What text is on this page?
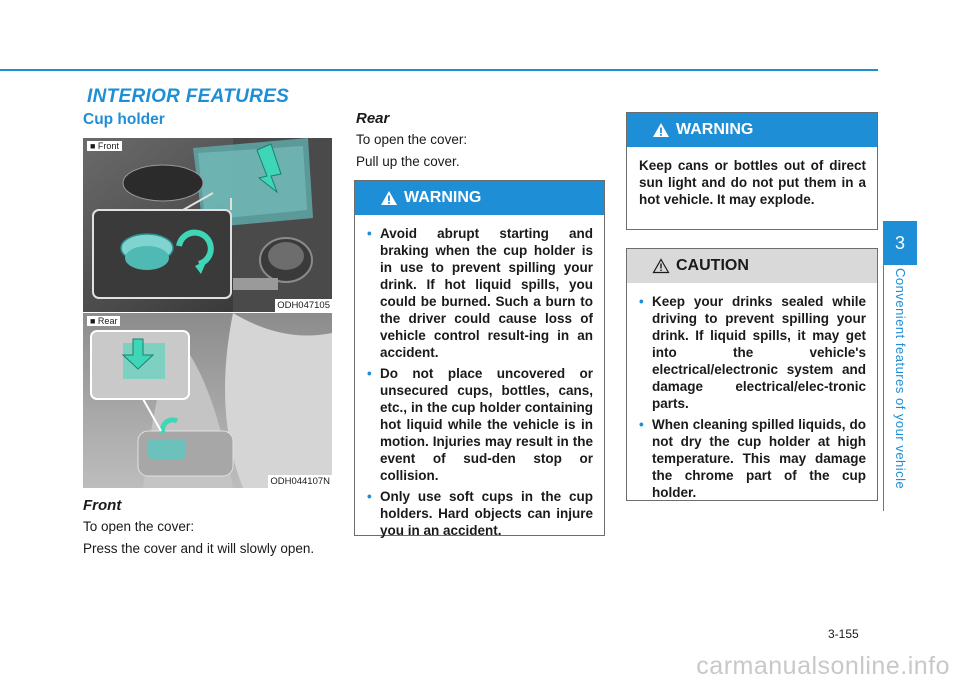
INTERIOR FEATURES
Cup holder
■ Front
ODH047105
■ Rear
ODH044107N
Front
To open the cover:
Press the cover and it will slowly open.
Rear
To open the cover:
Pull up the cover.
WARNING
• Avoid abrupt starting and braking when the cup holder is in use to prevent spilling your drink. If hot liquid spills, you could be burned. Such a burn to the driver could cause loss of vehicle control result-ing in an accident.
• Do not place uncovered or unsecured cups, bottles, cans, etc., in the cup holder containing hot liquid while the vehicle is in motion. Injuries may result in the event of sud-den stop or collision.
• Only use soft cups in the cup holders. Hard objects can injure you in an accident.
WARNING

Keep cans or bottles out of direct sun light and do not put them in a hot vehicle. It may explode.

CAUTION
• Keep your drinks sealed while driving to prevent spilling your drink. If liquid spills, it may get into the vehicle's electrical/electronic system and damage electrical/elec-tronic parts.
• When cleaning spilled liquids, do not dry the cup holder at high temperature. This may damage the chrome part of the cup holder.
3
Convenient features of your vehicle
3-155
carmanualsonline.info
